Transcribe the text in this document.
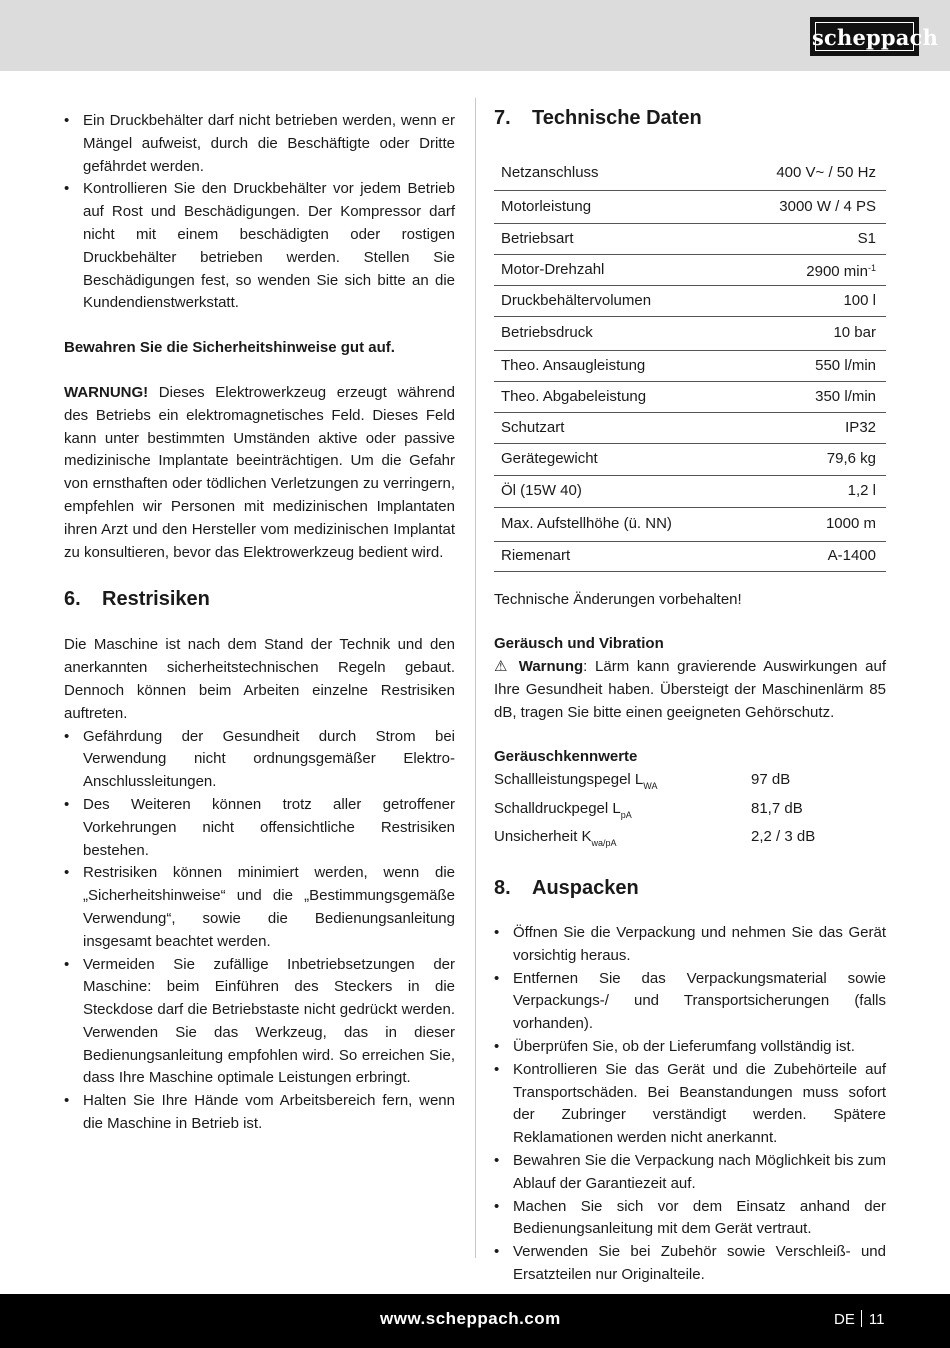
scheppach
• Ein Druckbehälter darf nicht betrieben werden, wenn er Mängel aufweist, durch die Beschäftigte oder Dritte gefährdet werden.
• Kontrollieren Sie den Druckbehälter vor jedem Betrieb auf Rost und Beschädigungen. Der Kompressor darf nicht mit einem beschädigten oder rostigen Druckbehälter betrieben werden. Stellen Sie Beschädigungen fest, so wenden Sie sich bitte an die Kundendienstwerkstatt.

Bewahren Sie die Sicherheitshinweise gut auf.

WARNUNG! Dieses Elektrowerkzeug erzeugt während des Betriebs ein elektromagnetisches Feld. Dieses Feld kann unter bestimmten Umständen aktive oder passive medizinische Implantate beeinträchtigen. Um die Gefahr von ernsthaften oder tödlichen Verletzungen zu verringern, empfehlen wir Personen mit medizinischen Implantaten ihren Arzt und den Hersteller vom medizinischen Implantat zu konsultieren, bevor das Elektrowerkzeug bedient wird.

6. Restrisiken

Die Maschine ist nach dem Stand der Technik und den anerkannten sicherheitstechnischen Regeln gebaut. Dennoch können beim Arbeiten einzelne Restrisiken auftreten.

• Gefährdung der Gesundheit durch Strom bei Verwendung nicht ordnungsgemäßer Elektro-Anschlussleitungen.
• Des Weiteren können trotz aller getroffener Vorkehrungen nicht offensichtliche Restrisiken bestehen.
• Restrisiken können minimiert werden, wenn die „Sicherheitshinweise“ und die „Bestimmungsgemäße Verwendung“, sowie die Bedienungsanleitung insgesamt beachtet werden.
• Vermeiden Sie zufällige Inbetriebsetzungen der Maschine: beim Einführen des Steckers in die Steckdose darf die Betriebstaste nicht gedrückt werden. Verwenden Sie das Werkzeug, das in dieser Bedienungsanleitung empfohlen wird. So erreichen Sie, dass Ihre Maschine optimale Leistungen erbringt.
• Halten Sie Ihre Hände vom Arbeitsbereich fern, wenn die Maschine in Betrieb ist.
7. Technische Daten
Netzanschluss	400 V~ / 50 Hz
Motorleistung	3000 W / 4 PS
Betriebsart	S1
Motor-Drehzahl	2900 $\min^{-1}$
Druckbehältervolumen	100 l
Betriebsdruck	10 bar
Theo. Ansaugleistung	550 l/min
Theo. Abgabeleistung	350 l/min
Schutzart	IP32
Gerätegewicht	79,6 kg
Öl (15W 40)	1,2 l
Max. Aufstellhöhe (ü. NN)	1000 m
Riemenart	A-1400

Technische Änderungen vorbehalten!

Geräusch und Vibration

⚠ Warnung: Lärm kann gravierende Auswirkungen auf Ihre Gesundheit haben. Übersteigt der Maschinenlärm 85 dB, tragen Sie bitte einen geeigneten Gehörschutz.

Geräuschkennwerte

Schallleistungspegel $L_{WA}$	97 dB
Schalldruckpegel $L_{pA}$	81,7 dB
Unsicherheit $K_{wa/pA}$	2,2 / 3 dB
8. Auspacken
• Öffnen Sie die Verpackung und nehmen Sie das Gerät vorsichtig heraus.
• Entfernen Sie das Verpackungsmaterial sowie Verpackungs-/ und Transportsicherungen (falls vorhanden).
• Überprüfen Sie, ob der Lieferumfang vollständig ist.
• Kontrollieren Sie das Gerät und die Zubehörteile auf Transportschäden. Bei Beanstandungen muss sofort der Zubringer verständigt werden. Spätere Reklamationen werden nicht anerkannt.
• Bewahren Sie die Verpackung nach Möglichkeit bis zum Ablauf der Garantiezeit auf.
• Machen Sie sich vor dem Einsatz anhand der Bedienungsanleitung mit dem Gerät vertraut.
• Verwenden Sie bei Zubehör sowie Verschleiß- und Ersatzteilen nur Originalteile.
www.scheppach.com	DE 11
